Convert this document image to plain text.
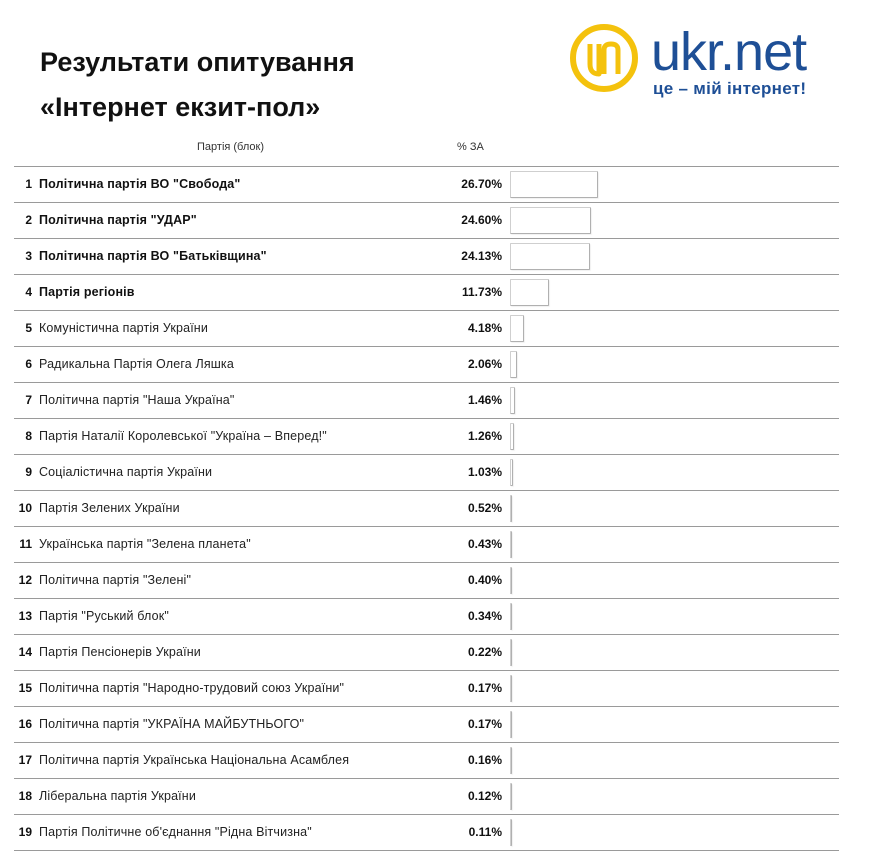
Результати опитування
«Інтернет екзит-пол»

ukr.net

це – мій інтернет!

Партія (блок)	% ЗА
1 Політична партія ВО "Свобода"	26.70%
2 Політична партія "УДАР"	24.60%
3 Політична партія ВО "Батьківщина"	24.13%
4 Партія регіонів	11.73%
5 Комуністична партія України	4.18%
6 Радикальна Партія Олега Ляшка	2.06%
7 Політична партія "Наша Україна"	1.46%
8 Партія Наталії Королевської "Україна – Вперед!"	1.26%
9 Соціалістична партія України	1.03%
10 Партія Зелених України	0.52%
11 Українська партія "Зелена планета"	0.43%
12 Політична партія "Зелені"	0.40%
13 Партія "Руський блок"	0.34%
14 Партія Пенсіонерів України	0.22%
15 Політична партія "Народно-трудовий союз України"	0.17%
16 Політична партія "УКРАЇНА МАЙБУТНЬОГО"	0.17%
17 Політична партія Українська Національна Асамблея	0.16%
18 Ліберальна партія України	0.12%
19 Партія Політичне об'єднання "Рідна Вітчизна"	0.11%
